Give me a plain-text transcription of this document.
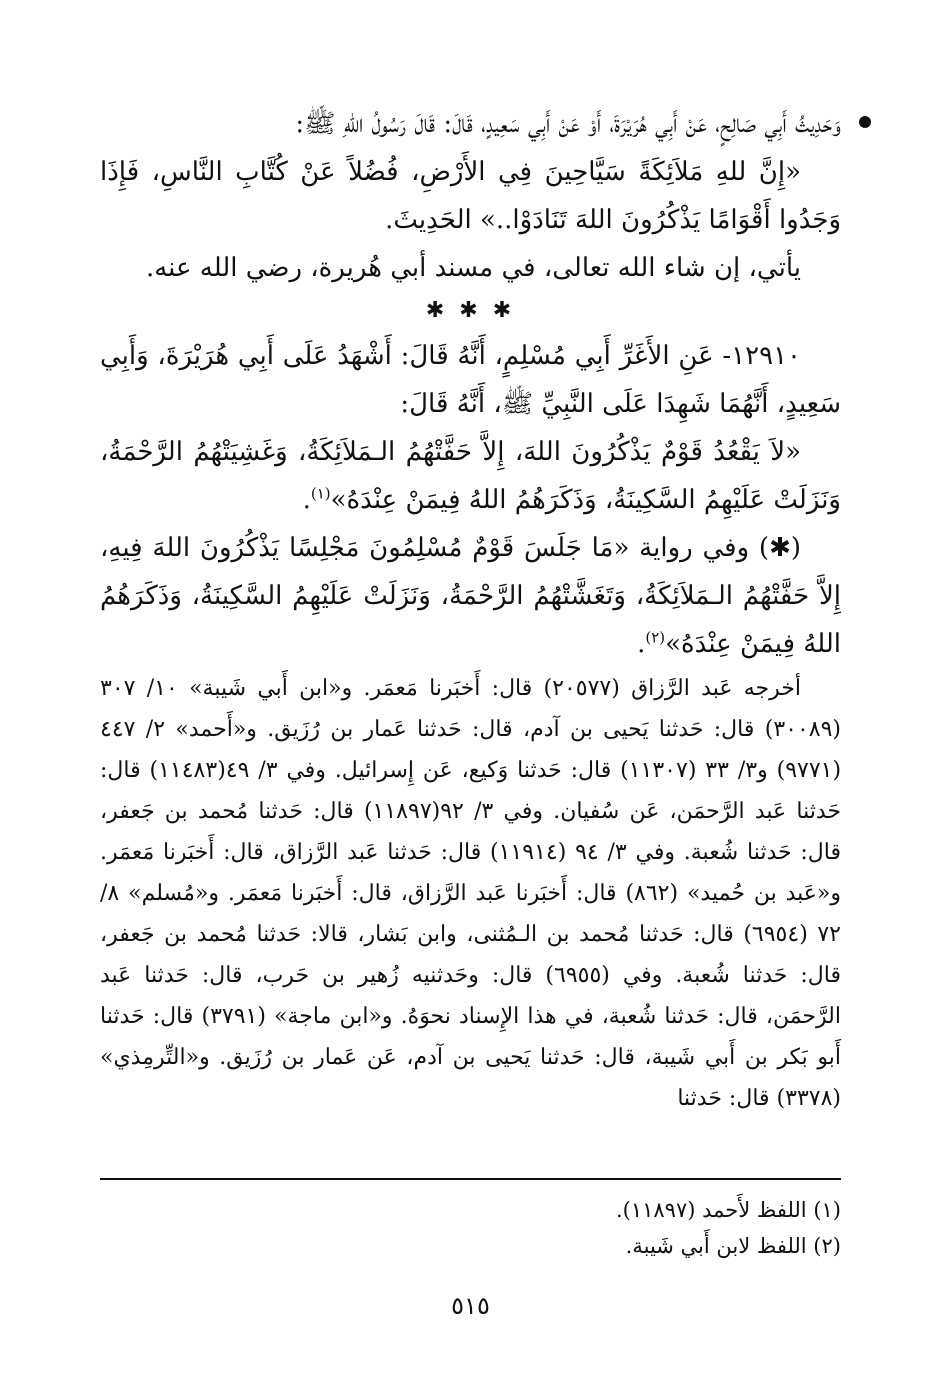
وَحَدِيثُ أَبِي صَالِحٍ، عَنْ أَبِي هُرَيْرَةَ، أَوْ عَنْ أَبِي سَعِيدٍ، قَالَ: قَالَ رَسُولُ اللهِ ﷺ:

«إِنَّ للهِ مَلاَئِكَةً سَيَّاحِينَ فِي الأَرْضِ، فُضُلاً عَنْ كُتَّابِ النَّاسِ، فَإِذَا وَجَدُوا أَقْوَامًا يَذْكُرُونَ اللهَ تَنَادَوْا..» الحَدِيثَ.

يأتي، إن شاء الله تعالى، في مسند أبي هُريرة، رضي الله عنه.

✱ ✱ ✱

١٢٩١٠- عَنِ الأَغَرِّ أَبِي مُسْلِمٍ، أَنَّهُ قَالَ: أَشْهَدُ عَلَى أَبِي هُرَيْرَةَ، وَأَبِي سَعِيدٍ، أَنَّهُمَا شَهِدَا عَلَى النَّبِيِّ ﷺ، أَنَّهُ قَالَ:

«لاَ يَقْعُدُ قَوْمٌ يَذْكُرُونَ اللهَ، إِلاَّ حَفَّتْهُمُ الـمَلاَئِكَةُ، وَغَشِيَتْهُمُ الرَّحْمَةُ، وَنَزَلَتْ عَلَيْهِمُ السَّكِينَةُ، وَذَكَرَهُمُ اللهُ فِيمَنْ عِنْدَهُ»$^{(١)}$.

(✱) وفي رواية «مَا جَلَسَ قَوْمٌ مُسْلِمُونَ مَجْلِسًا يَذْكُرُونَ اللهَ فِيهِ، إِلاَّ حَفَّتْهُمُ الـمَلاَئِكَةُ، وَتَغَشَّتْهُمُ الرَّحْمَةُ، وَنَزَلَتْ عَلَيْهِمُ السَّكِينَةُ، وَذَكَرَهُمُ اللهُ فِيمَنْ عِنْدَهُ»$^{(٢)}$.

أخرجه عَبد الرَّزاق (٢٠٥٧٧) قال: أَخبَرنا مَعمَر. و«ابن أَبي شَيبة» ١٠/ ٣٠٧ (٣٠٠٨٩) قال: حَدثنا يَحيى بن آدم، قال: حَدثنا عَمار بن رُزَيق. و«أَحمد» ٢/ ٤٤٧ (٩٧٧١) و٣/ ٣٣ (١١٣٠٧) قال: حَدثنا وَكيع، عَن إِسرائيل. وفي ٣/ ٤٩(١١٤٨٣) قال: حَدثنا عَبد الرَّحمَن، عَن سُفيان. وفي ٣/ ٩٢(١١٨٩٧) قال: حَدثنا مُحمد بن جَعفر، قال: حَدثنا شُعبة. وفي ٣/ ٩٤ (١١٩١٤) قال: حَدثنا عَبد الرَّزاق، قال: أَخبَرنا مَعمَر. و«عَبد بن حُميد» (٨٦٢) قال: أَخبَرنا عَبد الرَّزاق، قال: أَخبَرنا مَعمَر. و«مُسلم» ٨/ ٧٢ (٦٩٥٤) قال: حَدثنا مُحمد بن الـمُثنى، وابن بَشار، قالا: حَدثنا مُحمد بن جَعفر، قال: حَدثنا شُعبة. وفي (٦٩٥٥) قال: وحَدثنيه زُهير بن حَرب، قال: حَدثنا عَبد الرَّحمَن، قال: حَدثنا شُعبة، في هذا الإِسناد نحوَهُ. و«ابن ماجة» (٣٧٩١) قال: حَدثنا أَبو بَكر بن أَبي شَيبة، قال: حَدثنا يَحيى بن آدم، عَن عَمار بن رُزَيق. و«التِّرمِذي» (٣٣٧٨) قال: حَدثنا

(١) اللفظ لأَحمد (١١٨٩٧).

(٢) اللفظ لابن أَبي شَيبة.

٥١٥
